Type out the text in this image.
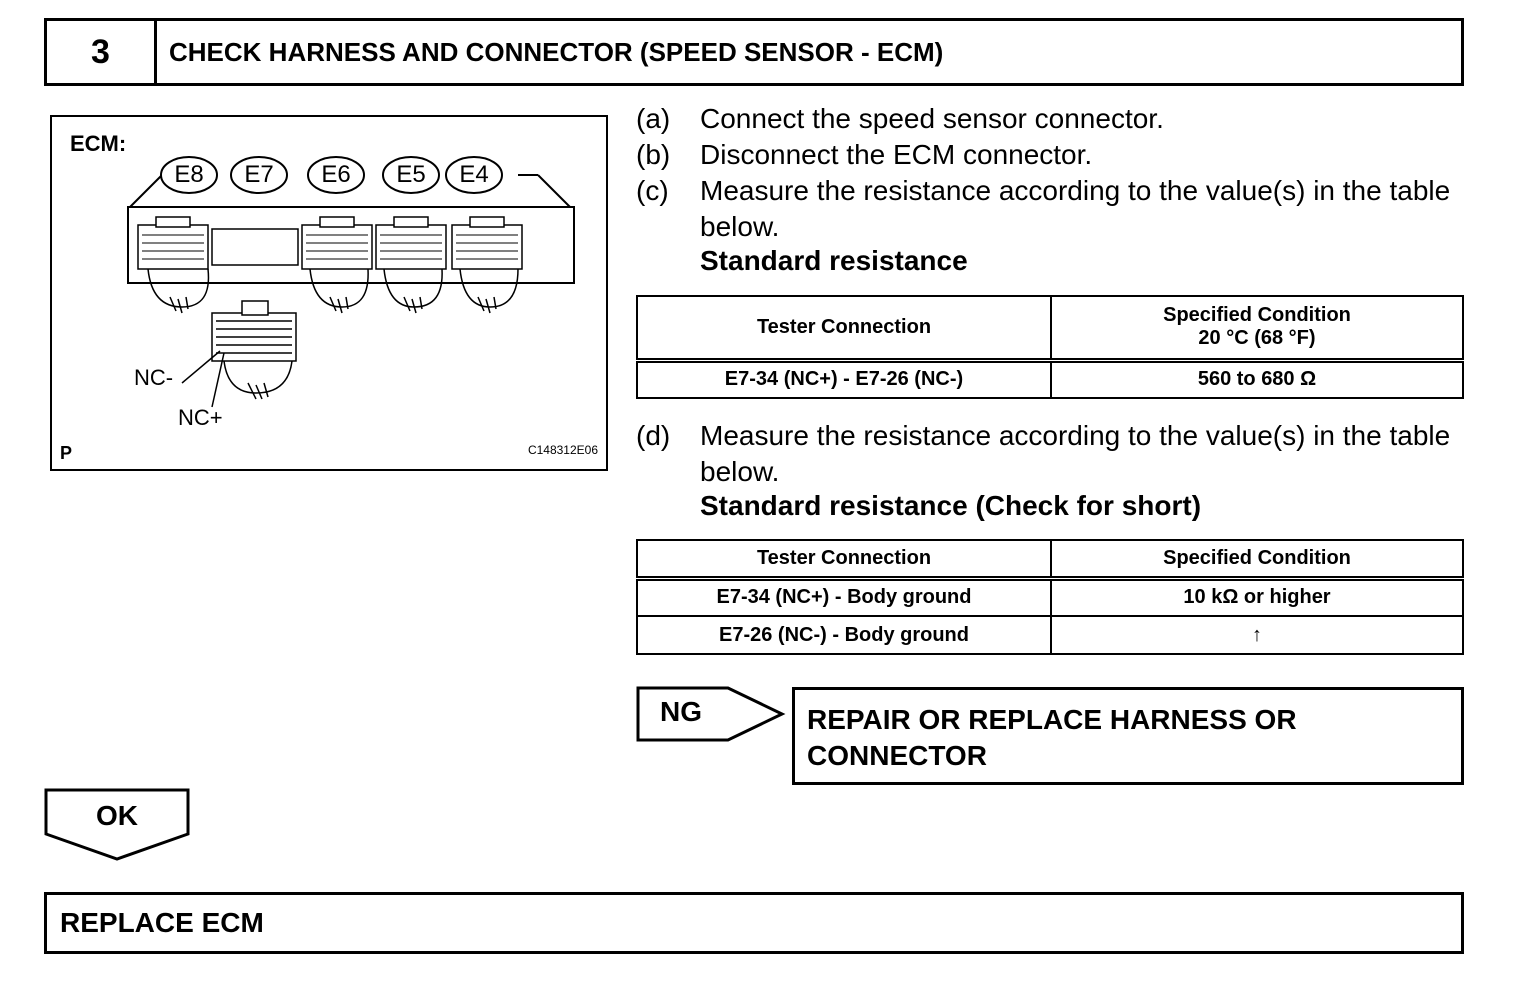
3	CHECK HARNESS AND CONNECTOR (SPEED SENSOR - ECM)
ECM:
E8	E7	E6	E5	E4
NC-
NC+
P	C148312E06
(a) Connect the speed sensor connector.
(b) Disconnect the ECM connector.
(c) Measure the resistance according to the value(s) in the table below.
Standard resistance
Tester Connection	Specified Condition
20 °C (68 °F)

E7-34 (NC+) - E7-26 (NC-)	560 to 680 Ω
(d) Measure the resistance according to the value(s) in the table below.
Standard resistance (Check for short)
Tester Connection	Specified Condition
E7-34 (NC+) - Body ground	10 kΩ or higher
E7-26 (NC-) - Body ground	↑
NG	REPAIR OR REPLACE HARNESS OR
CONNECTOR
OK
REPLACE ECM
